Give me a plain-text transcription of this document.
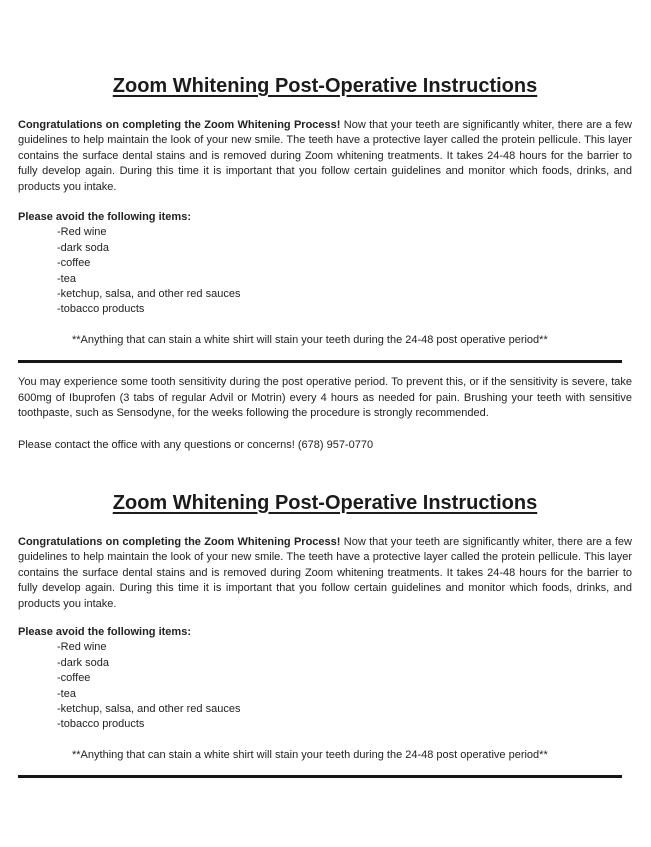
Zoom Whitening Post-Operative Instructions

Congratulations on completing the Zoom Whitening Process! Now that your teeth are significantly whiter, there are a few guidelines to help maintain the look of your new smile. The teeth have a protective layer called the protein pellicule. This layer contains the surface dental stains and is removed during Zoom whitening treatments. It takes 24-48 hours for the barrier to fully develop again. During this time it is important that you follow certain guidelines and monitor which foods, drinks, and products you intake.

Please avoid the following items:

-Red wine
-dark soda
-coffee
-tea
-ketchup, salsa, and other red sauces
-tobacco products

**Anything that can stain a white shirt will stain your teeth during the 24-48 post operative period**

You may experience some tooth sensitivity during the post operative period. To prevent this, or if the sensitivity is severe, take 600mg of Ibuprofen (3 tabs of regular Advil or Motrin) every 4 hours as needed for pain. Brushing your teeth with sensitive toothpaste, such as Sensodyne, for the weeks following the procedure is strongly recommended.

Please contact the office with any questions or concerns! (678) 957-0770

Zoom Whitening Post-Operative Instructions

Congratulations on completing the Zoom Whitening Process! Now that your teeth are significantly whiter, there are a few guidelines to help maintain the look of your new smile. The teeth have a protective layer called the protein pellicule. This layer contains the surface dental stains and is removed during Zoom whitening treatments. It takes 24-48 hours for the barrier to fully develop again. During this time it is important that you follow certain guidelines and monitor which foods, drinks, and products you intake.

Please avoid the following items:

-Red wine
-dark soda
-coffee
-tea
-ketchup, salsa, and other red sauces
-tobacco products

**Anything that can stain a white shirt will stain your teeth during the 24-48 post operative period**
